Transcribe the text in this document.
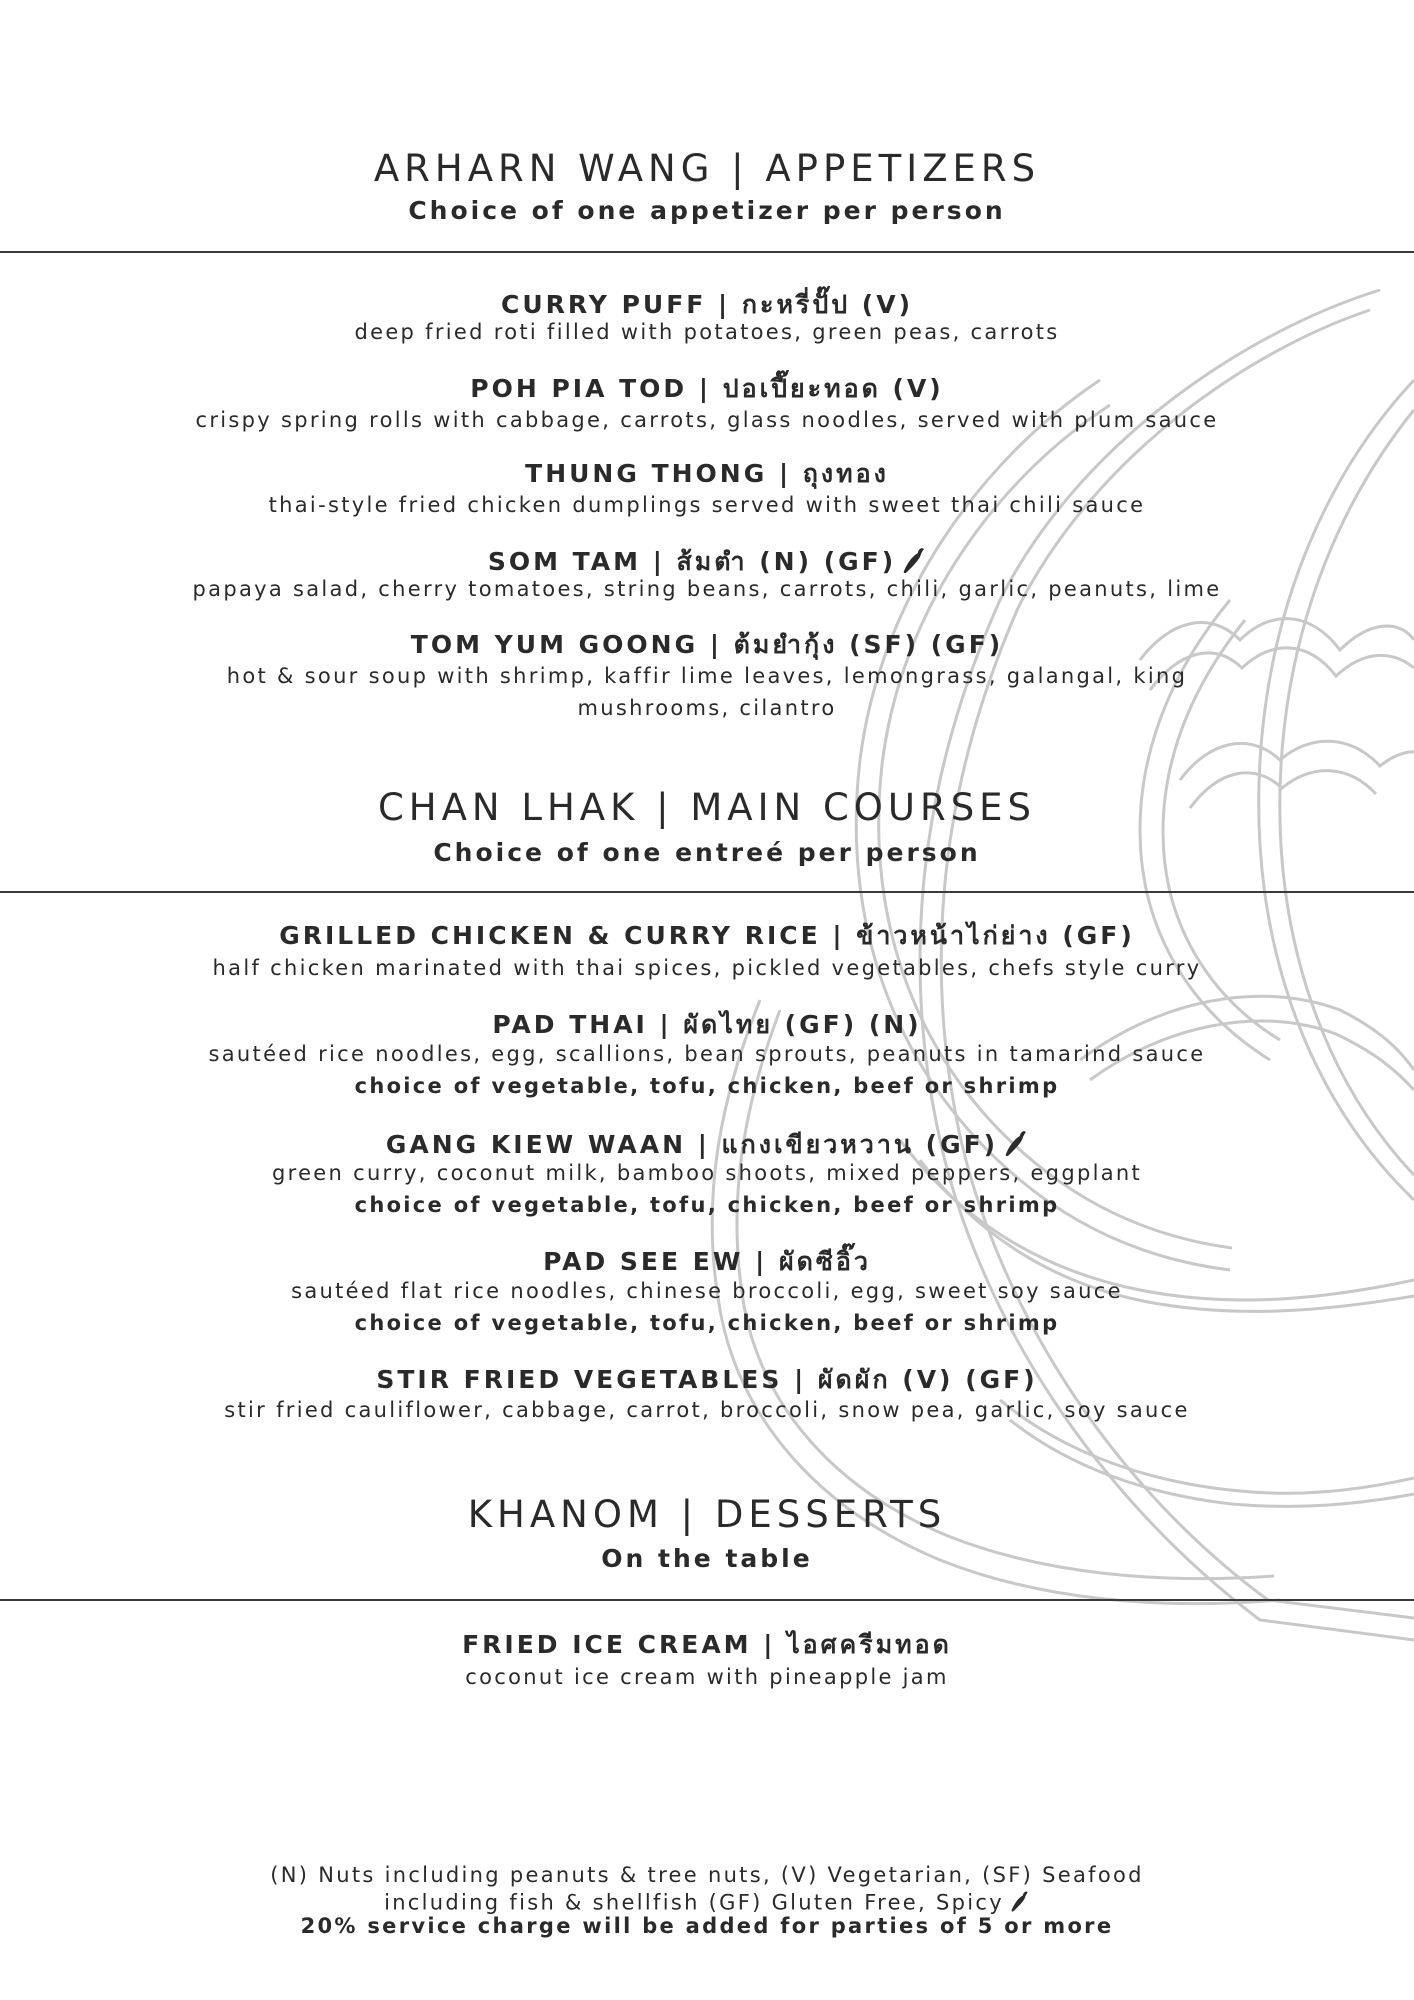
ARHARN WANG | APPETIZERS

Choice of one appetizer per person

CURRY PUFF | กะหรี่ปั๊ป (V)

deep fried roti filled with potatoes, green peas, carrots

POH PIA TOD | ปอเปี๊ยะทอด (V)

crispy spring rolls with cabbage, carrots, glass noodles, served with plum sauce

THUNG THONG | ถุงทอง

thai-style fried chicken dumplings served with sweet thai chili sauce

SOM TAM | ส้มตำ (N) (GF)

papaya salad, cherry tomatoes, string beans, carrots, chili, garlic, peanuts, lime

TOM YUM GOONG | ต้มยำกุ้ง (SF) (GF)

hot & sour soup with shrimp, kaffir lime leaves, lemongrass, galangal, king

mushrooms, cilantro

CHAN LHAK | MAIN COURSES

Choice of one entreé per person

GRILLED CHICKEN & CURRY RICE | ข้าวหน้าไก่ย่าง (GF)

half chicken marinated with thai spices, pickled vegetables, chefs style curry

PAD THAI | ผัดไทย (GF) (N)

sautéed rice noodles, egg, scallions, bean sprouts, peanuts in tamarind sauce

choice of vegetable, tofu, chicken, beef or shrimp

GANG KIEW WAAN | แกงเขียวหวาน (GF)

green curry, coconut milk, bamboo shoots, mixed peppers, eggplant

choice of vegetable, tofu, chicken, beef or shrimp

PAD SEE EW | ผัดซีอิ๊ว

sautéed flat rice noodles, chinese broccoli, egg, sweet soy sauce

choice of vegetable, tofu, chicken, beef or shrimp

STIR FRIED VEGETABLES | ผัดผัก (V) (GF)

stir fried cauliflower, cabbage, carrot, broccoli, snow pea, garlic, soy sauce

KHANOM | DESSERTS

On the table

FRIED ICE CREAM | ไอศครีมทอด

coconut ice cream with pineapple jam

(N) Nuts including peanuts & tree nuts, (V) Vegetarian, (SF) Seafood

including fish & shellfish (GF) Gluten Free, Spicy

20% service charge will be added for parties of 5 or more
